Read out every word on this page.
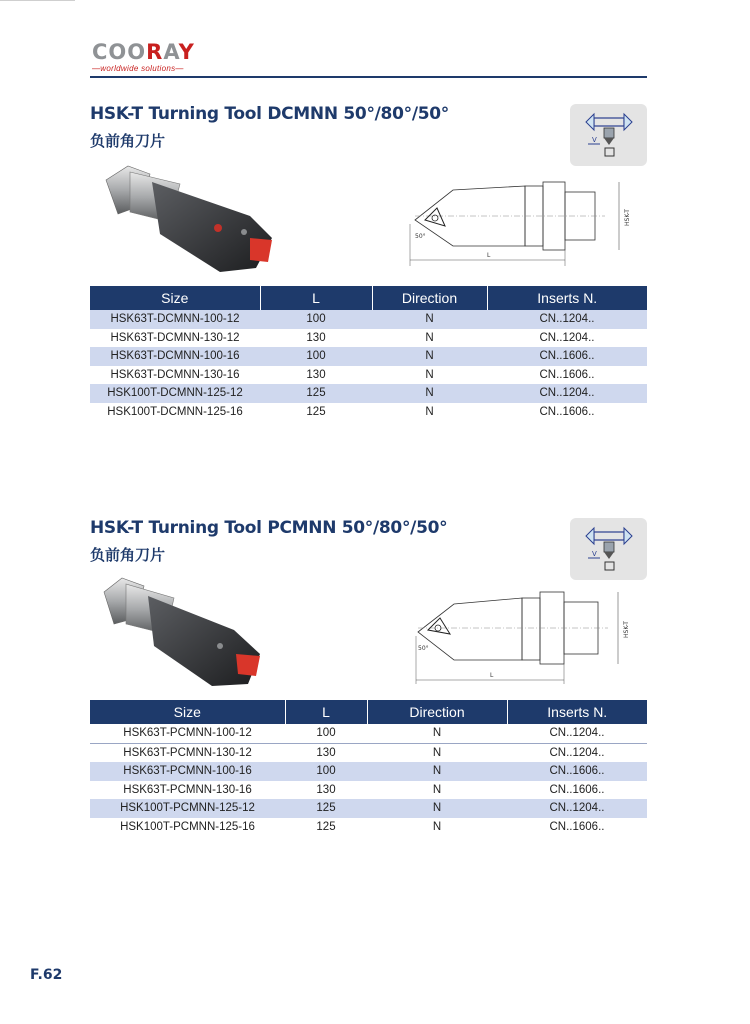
COORAY
—worldwide solutions—
HSK-T Turning Tool DCMNN 50°/80°/50°
负前角刀片	V
L
50°
HSK-T
Size	L	Direction	Inserts N.
HSK63T-DCMNN-100-12	100	N	CN..1204..
HSK63T-DCMNN-130-12	130	N	CN..1204..
HSK63T-DCMNN-100-16	100	N	CN..1606..
HSK63T-DCMNN-130-16	130	N	CN..1606..
HSK100T-DCMNN-125-12	125	N	CN..1204..
HSK100T-DCMNN-125-16	125	N	CN..1606..
HSK-T Turning Tool PCMNN 50°/80°/50°
负前角刀片	V
L
50°
HSK-T
Size	L	Direction	Inserts N.
HSK63T-PCMNN-100-12	100	N	CN..1204..
HSK63T-PCMNN-130-12	130	N	CN..1204..
HSK63T-PCMNN-100-16	100	N	CN..1606..
HSK63T-PCMNN-130-16	130	N	CN..1606..
HSK100T-PCMNN-125-12	125	N	CN..1204..
HSK100T-PCMNN-125-16	125	N	CN..1606..
F.62
